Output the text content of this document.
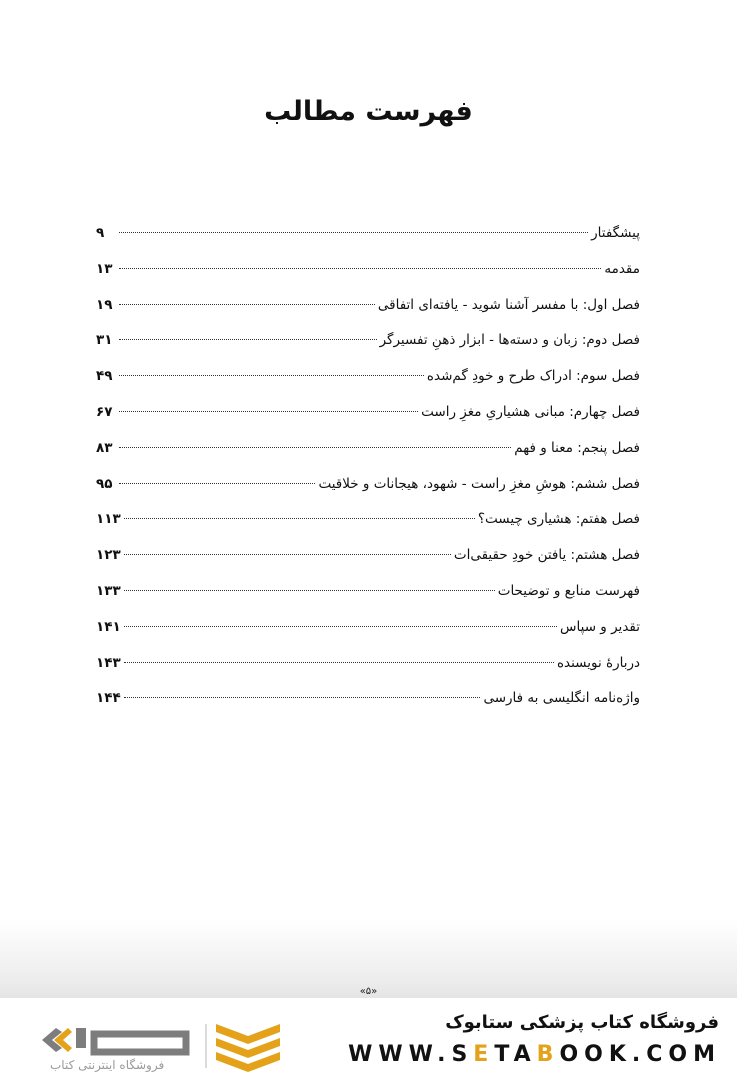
فهرست مطالب
پیشگفتار
۹
مقدمه
۱۳
فصل اول: با مفسر آشنا شوید - یافته‌ای اتفاقی
۱۹
فصل دوم: زبان و دسته‌ها - ابزار ذهنِ تفسیرگر
۳۱
فصل سوم: ادراک طرح و خودِ گم‌شده
۴۹
فصل چهارم: مبانی هشیاریِ مغزِ راست
۶۷
فصل پنجم: معنا و فهم
۸۳
فصل ششم: هوشِ مغزِ راست - شهود، هیجانات و خلاقیت
۹۵
فصل هفتم: هشیاری چیست؟
۱۱۳
فصل هشتم: یافتن خودِ حقیقی‌ات
۱۲۳
فهرست منابع و توضیحات
۱۳۳
تقدیر و سپاس
۱۴۱
دربارهٔ نویسنده
۱۴۳
واژه‌نامه انگلیسی به فارسی
۱۴۴
«۵»
فروشگاه اینترنتی کتاب
فروشگاه کتاب پزشکی ستابوک
WWW.SETABOOK.COM
